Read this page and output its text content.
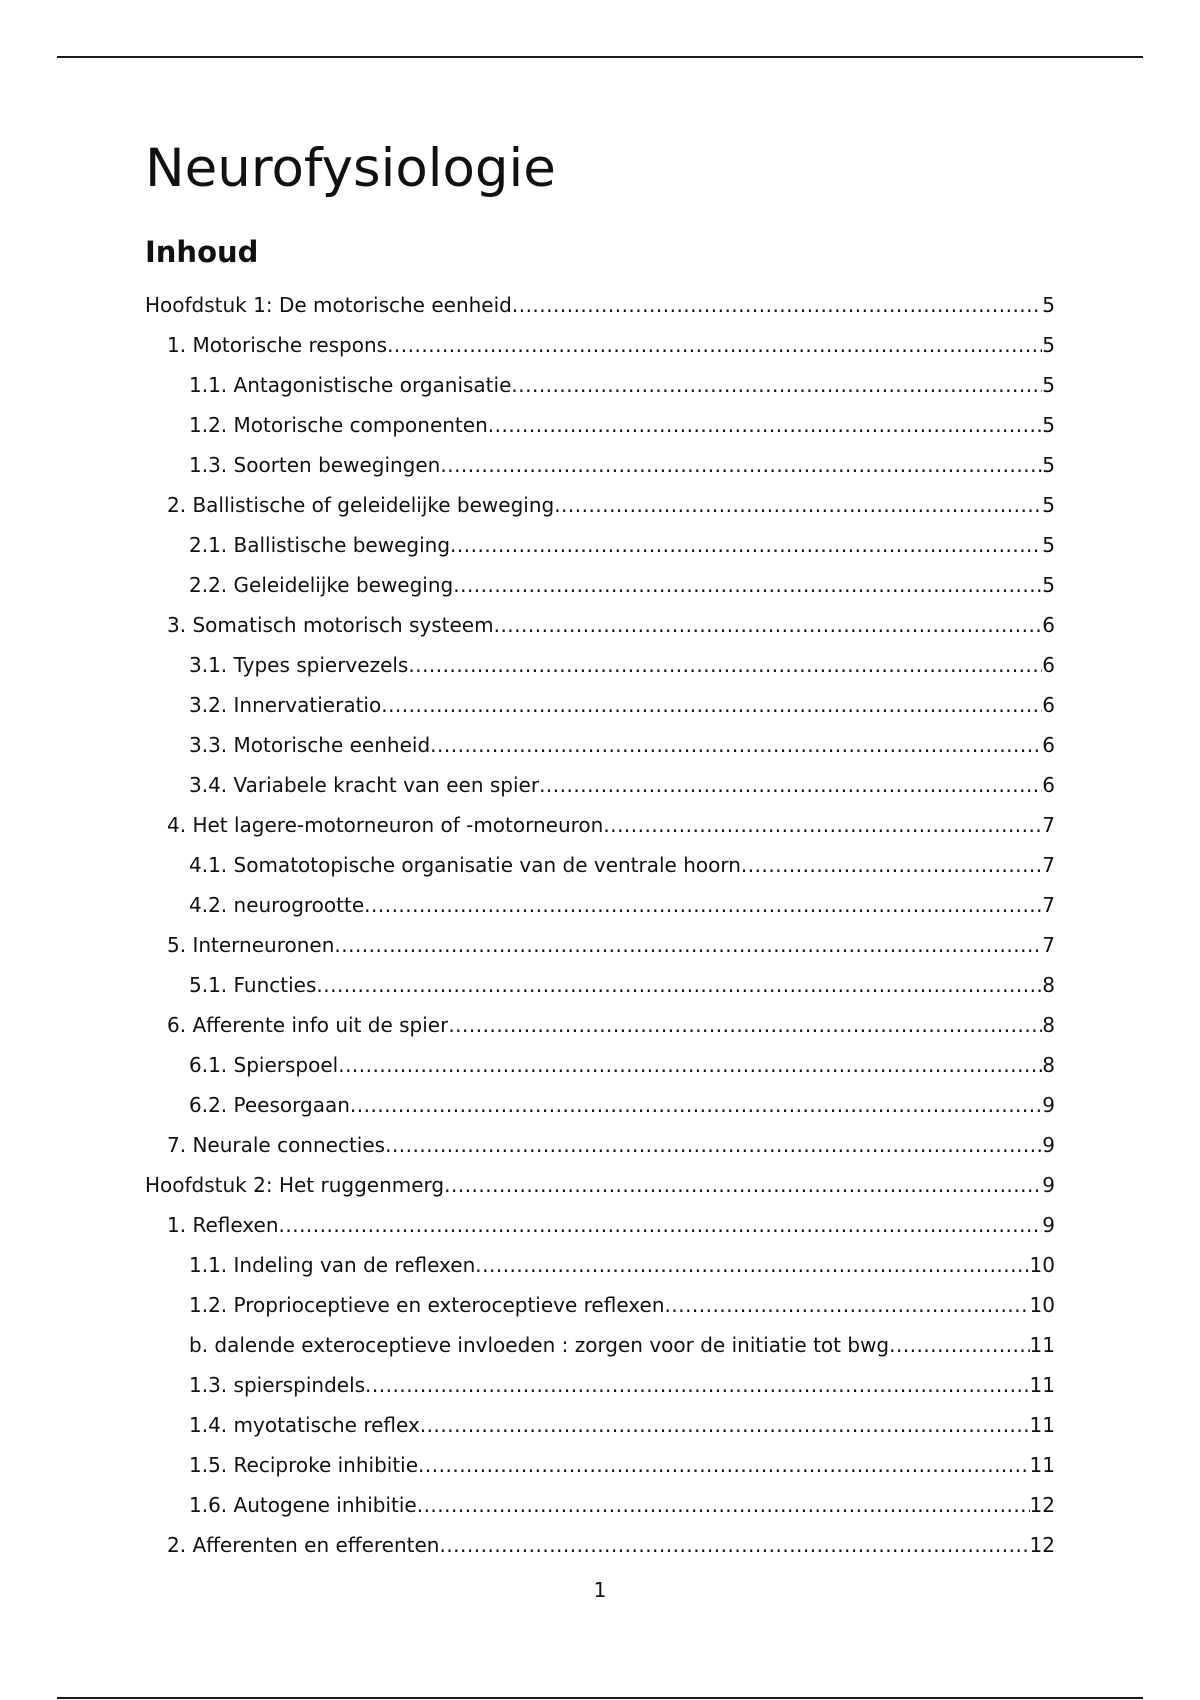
Neurofysiologie
Inhoud
Hoofdstuk 1: De motorische eenheid .....	5
1. Motorische respons .....	5
1.1. Antagonistische organisatie .....	5
1.2. Motorische componenten .....	5
1.3. Soorten bewegingen .....	5
2. Ballistische of geleidelijke beweging .....	5
2.1. Ballistische beweging .....	5
2.2. Geleidelijke beweging .....	5
3. Somatisch motorisch systeem .....	6
3.1. Types spiervezels .....	6
3.2. Innervatieratio .....	6
3.3. Motorische eenheid .....	6
3.4. Variabele kracht van een spier .....	6
4. Het lagere-motorneuron of -motorneuron .....	7
4.1. Somatotopische organisatie van de ventrale hoorn .....	7
4.2. neurogrootte .....	7
5. Interneuronen .....	7
5.1. Functies .....	8
6. Afferente info uit de spier .....	8
6.1. Spierspoel .....	8
6.2. Peesorgaan .....	9
7. Neurale connecties .....	9
Hoofdstuk 2: Het ruggenmerg .....	9
1. Reflexen .....	9
1.1. Indeling van de reflexen .....	10
1.2. Proprioceptieve en exteroceptieve reflexen .....	10
b. dalende exteroceptieve invloeden : zorgen voor de initiatie tot bwg .....	11
1.3. spierspindels .....	11
1.4. myotatische reflex .....	11
1.5. Reciproke inhibitie .....	11
1.6. Autogene inhibitie .....	12
2. Afferenten en efferenten .....	12
1
